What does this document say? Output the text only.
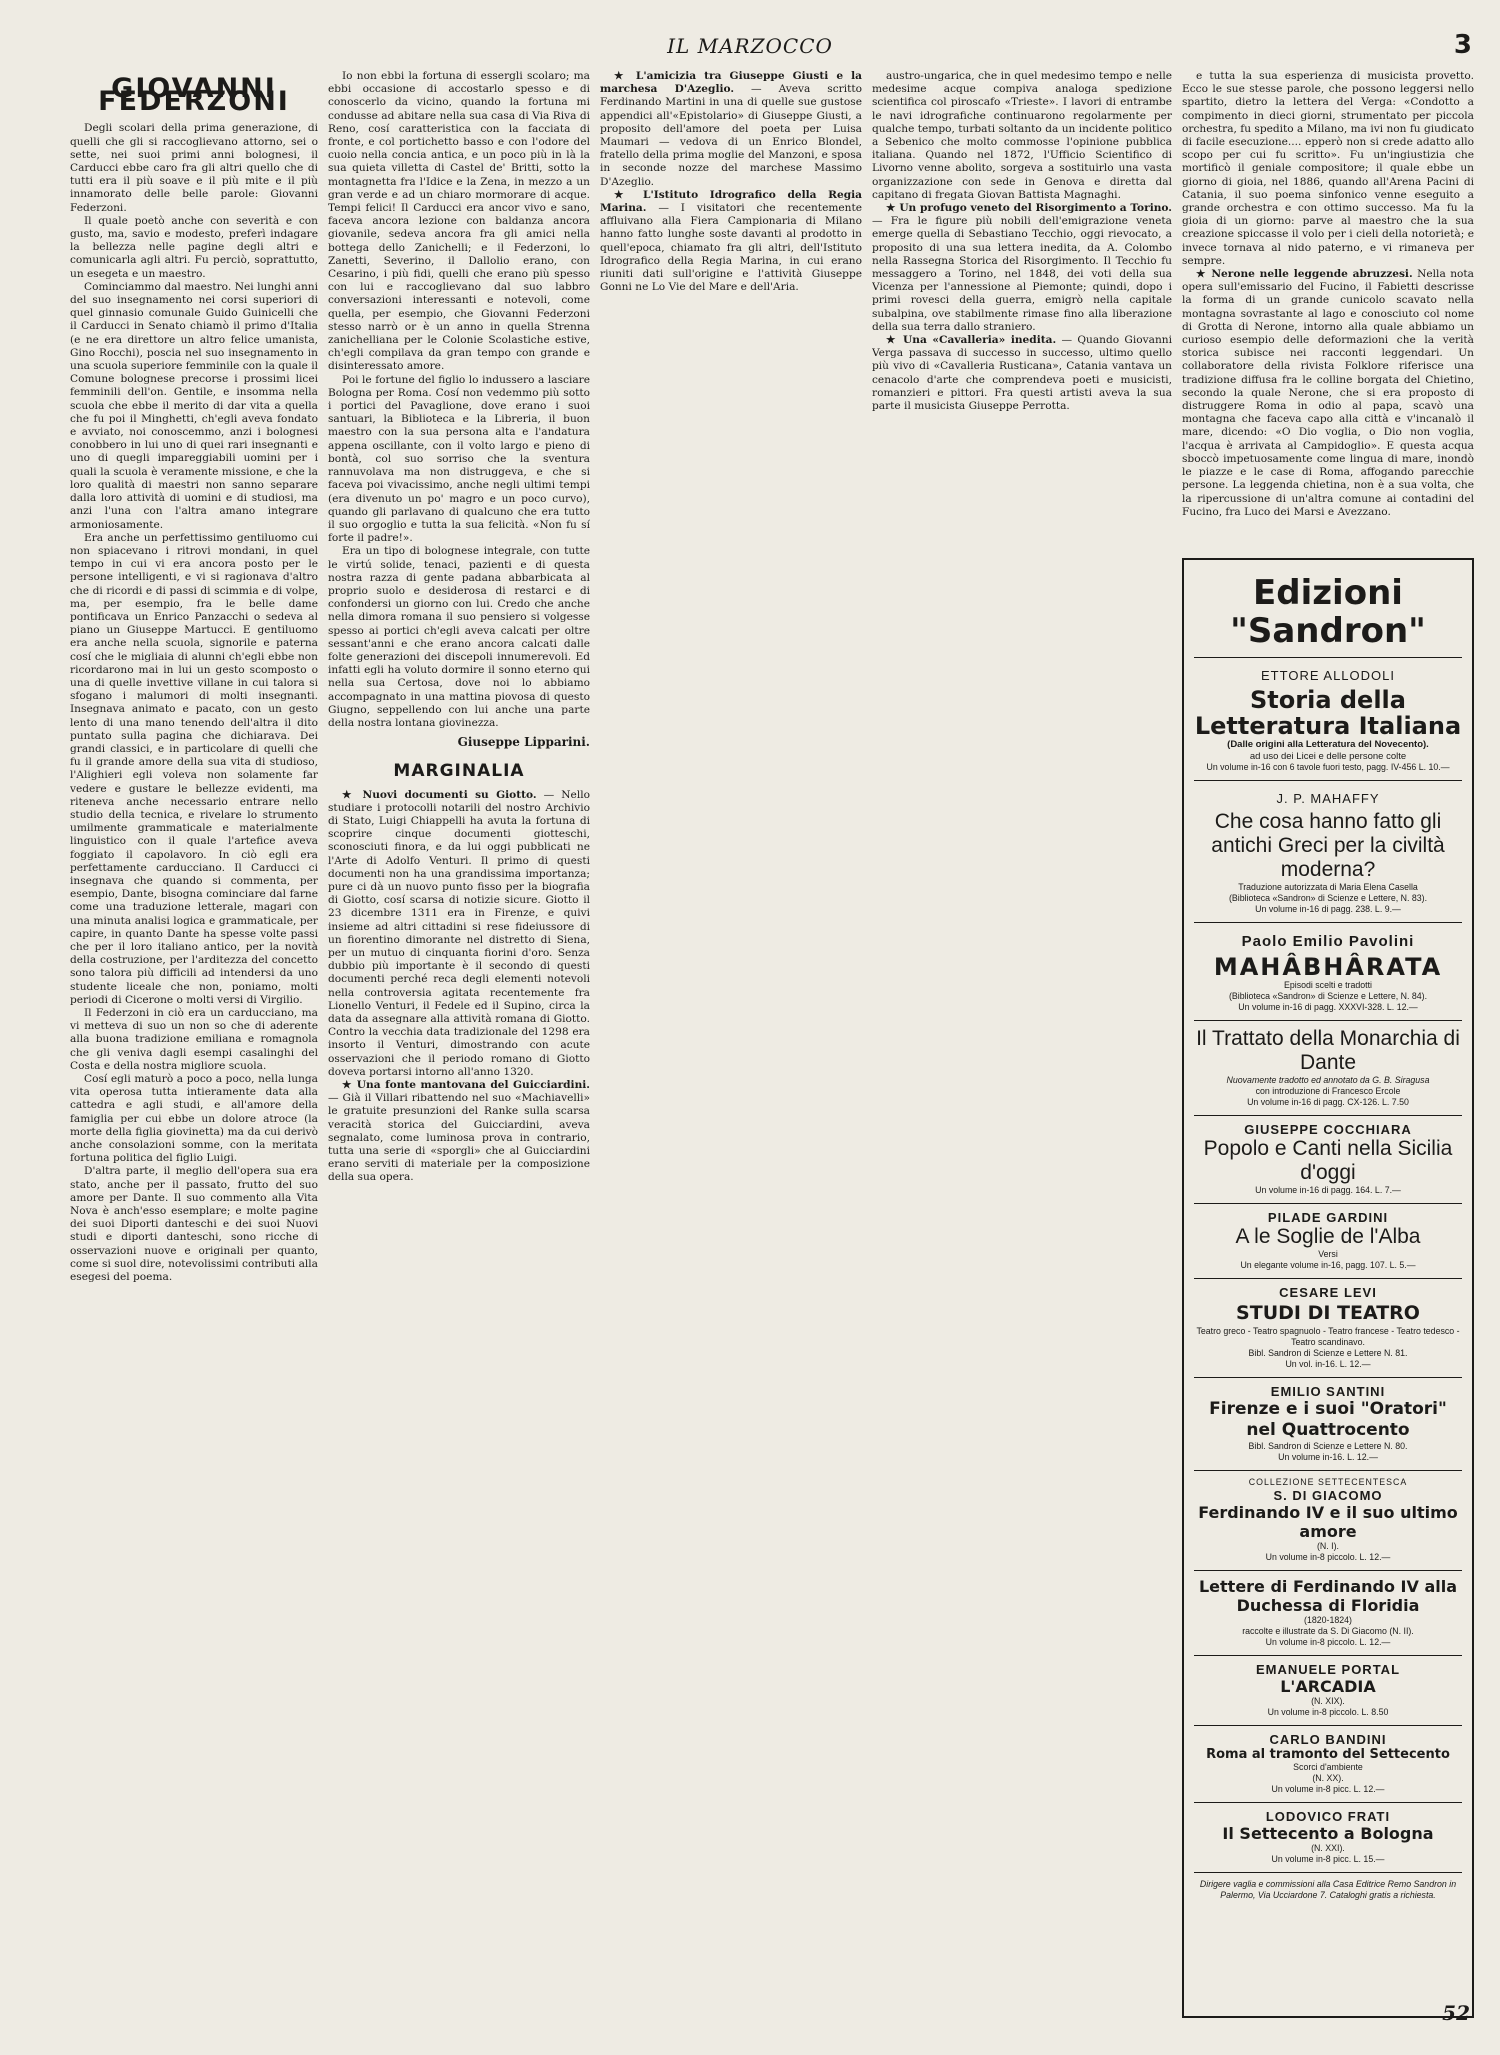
IL MARZOCCO	3
GIOVANNI FEDERZONI

Degli scolari della prima generazione, di quelli che gli si raccoglievano attorno, sei o sette, nei suoi primi anni bolognesi, il Carducci ebbe caro fra gli altri quello che di tutti era il più soave e il più mite e il più innamorato delle belle parole: Giovanni Federzoni.

Il quale poetò anche con severità e con gusto, ma, savio e modesto, preferì indagare la bellezza nelle pagine degli altri e comunicarla agli altri. Fu perciò, soprattutto, un esegeta e un maestro.

Cominciammo dal maestro. Nei lunghi anni del suo insegnamento nei corsi superiori di quel ginnasio comunale Guido Guinicelli che il Carducci in Senato chiamò il primo d'Italia (e ne era direttore un altro felice umanista, Gino Rocchi), poscia nel suo insegnamento in una scuola superiore femminile con la quale il Comune bolognese precorse i prossimi licei femminili dell'on. Gentile, e insomma nella scuola che ebbe il merito di dar vita a quella che fu poi il Minghetti, ch'egli aveva fondato e avviato, noi conoscemmo, anzi i bolognesi conobbero in lui uno di quei rari insegnanti e uno di quegli impareggiabili uomini per i quali la scuola è veramente missione, e che la loro qualità di maestri non sanno separare dalla loro attività di uomini e di studiosi, ma anzi l'una con l'altra amano integrare armoniosamente.

Era anche un perfettissimo gentiluomo cui non spiacevano i ritrovi mondani, in quel tempo in cui vi era ancora posto per le persone intelligenti, e vi si ragionava d'altro che di ricordi e di passi di scimmia e di volpe, ma, per esempio, fra le belle dame pontificava un Enrico Panzacchi o sedeva al piano un Giuseppe Martucci. E gentiluomo era anche nella scuola, signorile e paterna cosí che le migliaia di alunni ch'egli ebbe non ricordarono mai in lui un gesto scomposto o una di quelle invettive villane in cui talora si sfogano i malumori di molti insegnanti. Insegnava animato e pacato, con un gesto lento di una mano tenendo dell'altra il dito puntato sulla pagina che dichiarava. Dei grandi classici, e in particolare di quelli che fu il grande amore della sua vita di studioso, l'Alighieri egli voleva non solamente far vedere e gustare le bellezze evidenti, ma riteneva anche necessario entrare nello studio della tecnica, e rivelare lo strumento umilmente grammaticale e materialmente linguistico con il quale l'artefice aveva foggiato il capolavoro. In ciò egli era perfettamente carducciano. Il Carducci ci insegnava che quando si commenta, per esempio, Dante, bisogna cominciare dal farne come una traduzione letterale, magari con una minuta analisi logica e grammaticale, per capire, in quanto Dante ha spesse volte passi che per il loro italiano antico, per la novità della costruzione, per l'arditezza del concetto sono talora più difficili ad intendersi da uno studente liceale che non, poniamo, molti periodi di Cicerone o molti versi di Virgilio.

Il Federzoni in ciò era un carducciano, ma vi metteva di suo un non so che di aderente alla buona tradizione emiliana e romagnola che gli veniva dagli esempi casalinghi del Costa e della nostra migliore scuola.

Cosí egli maturò a poco a poco, nella lunga vita operosa tutta intieramente data alla cattedra e agli studi, e all'amore della famiglia per cui ebbe un dolore atroce (la morte della figlia giovinetta) ma da cui derivò anche consolazioni somme, con la meritata fortuna politica del figlio Luigi.

D'altra parte, il meglio dell'opera sua era stato, anche per il passato, frutto del suo amore per Dante. Il suo commento alla Vita Nova è anch'esso esemplare; e molte pagine dei suoi Diporti danteschi e dei suoi Nuovi studi e diporti danteschi, sono ricche di osservazioni nuove e originali per quanto, come si suol dire, notevolissimi contributi alla esegesi del poema.

Io non ebbi la fortuna di essergli scolaro; ma ebbi occasione di accostarlo spesso e di conoscerlo da vicino, quando la fortuna mi condusse ad abitare nella sua casa di Via Riva di Reno, cosí caratteristica con la facciata di fronte, e col portichetto basso e con l'odore del cuoio nella concia antica, e un poco più in là la sua quieta villetta di Castel de' Britti, sotto la montagnetta fra l'Idice e la Zena, in mezzo a un gran verde e ad un chiaro mormorare di acque. Tempi felici! Il Carducci era ancor vivo e sano, faceva ancora lezione con baldanza ancora giovanile, sedeva ancora fra gli amici nella bottega dello Zanichelli; e il Federzoni, lo Zanetti, Severino, il Dallolio erano, con Cesarino, i più fidi, quelli che erano più spesso con lui e raccoglievano dal suo labbro conversazioni interessanti e notevoli, come quella, per esempio, che Giovanni Federzoni stesso narrò or è un anno in quella Strenna zanichelliana per le Colonie Scolastiche estive, ch'egli compilava da gran tempo con grande e disinteressato amore.

Poi le fortune del figlio lo indussero a lasciare Bologna per Roma. Cosí non vedemmo più sotto i portici del Pavaglione, dove erano i suoi santuari, la Biblioteca e la Libreria, il buon maestro con la sua persona alta e l'andatura appena oscillante, con il volto largo e pieno di bontà, col suo sorriso che la sventura rannuvolava ma non distruggeva, e che si faceva poi vivacissimo, anche negli ultimi tempi (era divenuto un po' magro e un poco curvo), quando gli parlavano di qualcuno che era tutto il suo orgoglio e tutta la sua felicità. «Non fu sí forte il padre!».

Era un tipo di bolognese integrale, con tutte le virtú solide, tenaci, pazienti e di questa nostra razza di gente padana abbarbicata al proprio suolo e desiderosa di restarci e di confondersi un giorno con lui. Credo che anche nella dimora romana il suo pensiero si volgesse spesso ai portici ch'egli aveva calcati per oltre sessant'anni e che erano ancora calcati dalle folte generazioni dei discepoli innumerevoli. Ed infatti egli ha voluto dormire il sonno eterno qui nella sua Certosa, dove noi lo abbiamo accompagnato in una mattina piovosa di questo Giugno, seppellendo con lui anche una parte della nostra lontana giovinezza.

Giuseppe Lipparini.
MARGINALIA

★ Nuovi documenti su Giotto. — Nello studiare i protocolli notarili del nostro Archivio di Stato, Luigi Chiappelli ha avuta la fortuna di scoprire cinque documenti giotteschi, sconosciuti finora, e da lui oggi pubblicati ne l'Arte di Adolfo Venturi. Il primo di questi documenti non ha una grandissima importanza; pure ci dà un nuovo punto fisso per la biografia di Giotto, cosí scarsa di notizie sicure. Giotto il 23 dicembre 1311 era in Firenze, e quivi insieme ad altri cittadini si rese fideiussore di un fiorentino dimorante nel distretto di Siena, per un mutuo di cinquanta fiorini d'oro. Senza dubbio più importante è il secondo di questi documenti perché reca degli elementi notevoli nella controversia agitata recentemente fra Lionello Venturi, il Fedele ed il Supino, circa la data da assegnare alla attività romana di Giotto. Contro la vecchia data tradizionale del 1298 era insorto il Venturi, dimostrando con acute osservazioni che il periodo romano di Giotto doveva portarsi intorno all'anno 1320.

★ Una fonte mantovana del Guicciardini. — Già il Villari ribattendo nel suo «Machiavelli» le gratuite presunzioni del Ranke sulla scarsa veracità storica del Guicciardini, aveva segnalato, come luminosa prova in contrario, tutta una serie di «sporgli» che al Guicciardini erano serviti di materiale per la composizione della sua opera.

★ L'amicizia tra Giuseppe Giusti e la marchesa D'Azeglio. — Aveva scritto Ferdinando Martini in una di quelle sue gustose appendici all'«Epistolario» di Giuseppe Giusti, a proposito dell'amore del poeta per Luisa Maumari — vedova di un Enrico Blondel, fratello della prima moglie del Manzoni, e sposa in seconde nozze del marchese Massimo D'Azeglio.

★ L'Istituto Idrografico della Regia Marina. — I visitatori che recentemente affluivano alla Fiera Campionaria di Milano hanno fatto lunghe soste davanti al prodotto in quell'epoca, chiamato fra gli altri, dell'Istituto Idrografico della Regia Marina, in cui erano riuniti dati sull'origine e l'attività Giuseppe Gonni ne Lo Vie del Mare e dell'Aria.

austro-ungarica, che in quel medesimo tempo e nelle medesime acque compiva analoga spedizione scientifica col piroscafo «Trieste». I lavori di entrambe le navi idrografiche continuarono regolarmente per qualche tempo, turbati soltanto da un incidente politico a Sebenico che molto commosse l'opinione pubblica italiana. Quando nel 1872, l'Ufficio Scientifico di Livorno venne abolito, sorgeva a sostituirlo una vasta organizzazione con sede in Genova e diretta dal capitano di fregata Giovan Battista Magnaghi.

★ Un profugo veneto del Risorgimento a Torino. — Fra le figure più nobili dell'emigrazione veneta emerge quella di Sebastiano Tecchio, oggi rievocato, a proposito di una sua lettera inedita, da A. Colombo nella Rassegna Storica del Risorgimento. Il Tecchio fu messaggero a Torino, nel 1848, dei voti della sua Vicenza per l'annessione al Piemonte; quindi, dopo i primi rovesci della guerra, emigrò nella capitale subalpina, ove stabilmente rimase fino alla liberazione della sua terra dallo straniero.

★ Una «Cavalleria» inedita. — Quando Giovanni Verga passava di successo in successo, ultimo quello più vivo di «Cavalleria Rusticana», Catania vantava un cenacolo d'arte che comprendeva poeti e musicisti, romanzieri e pittori. Fra questi artisti aveva la sua parte il musicista Giuseppe Perrotta.

e tutta la sua esperienza di musicista provetto. Ecco le sue stesse parole, che possono leggersi nello spartito, dietro la lettera del Verga: «Condotto a compimento in dieci giorni, strumentato per piccola orchestra, fu spedito a Milano, ma ivi non fu giudicato di facile esecuzione.... epperò non si crede adatto allo scopo per cui fu scritto». Fu un'ingiustizia che mortificò il geniale compositore; il quale ebbe un giorno di gioia, nel 1886, quando all'Arena Pacini di Catania, il suo poema sinfonico venne eseguito a grande orchestra e con ottimo successo. Ma fu la gioia di un giorno: parve al maestro che la sua creazione spiccasse il volo per i cieli della notorietà; e invece tornava al nido paterno, e vi rimaneva per sempre.

★ Nerone nelle leggende abruzzesi. Nella nota opera sull'emissario del Fucino, il Fabietti descrisse la forma di un grande cunicolo scavato nella montagna sovrastante al lago e conosciuto col nome di Grotta di Nerone, intorno alla quale abbiamo un curioso esempio delle deformazioni che la verità storica subisce nei racconti leggendari. Un collaboratore della rivista Folklore riferisce una tradizione diffusa fra le colline borgata del Chietino, secondo la quale Nerone, che si era proposto di distruggere Roma in odio al papa, scavò una montagna che faceva capo alla città e v'incanalò il mare, dicendo: «O Dio voglia, o Dio non voglia, l'acqua è arrivata al Campidoglio». E questa acqua sboccò impetuosamente come lingua di mare, inondò le piazze e le case di Roma, affogando parecchie persone. La leggenda chietina, non è a sua volta, che la ripercussione di un'altra comune ai contadini del Fucino, fra Luco dei Marsi e Avezzano.

Edizioni "Sandron"
ETTORE ALLODOLI
Storia della Letteratura Italiana
(Dalle origini alla Letteratura del Novecento).
ad uso dei Licei e delle persone colte
Un volume in-16 con 6 tavole fuori testo, pagg. IV-456 L. 10.—
J. P. MAHAFFY
Che cosa hanno fatto gli antichi Greci per la civiltà moderna?
Traduzione autorizzata di Maria Elena Casella
(Biblioteca «Sandron» di Scienze e Lettere, N. 83).
Un volume in-16 di pagg. 238. L. 9.—
Paolo Emilio Pavolini
MAHÂBHÂRATA
Episodi scelti e tradotti
(Biblioteca «Sandron» di Scienze e Lettere, N. 84).
Un volume in-16 di pagg. XXXVI-328. L. 12.—
Il Trattato della Monarchia di Dante
Nuovamente tradotto ed annotato da G. B. Siragusa
con introduzione di Francesco Ercole
Un volume in-16 di pagg. CX-126. L. 7.50
GIUSEPPE COCCHIARA
Popolo e Canti nella Sicilia d'oggi
Un volume in-16 di pagg. 164. L. 7.—
PILADE GARDINI
A le Soglie de l'Alba
Versi
Un elegante volume in-16, pagg. 107. L. 5.—
CESARE LEVI
STUDI DI TEATRO
Teatro greco - Teatro spagnuolo - Teatro francese - Teatro tedesco - Teatro scandinavo.
Bibl. Sandron di Scienze e Lettere N. 81.
Un vol. in-16. L. 12.—
EMILIO SANTINI
Firenze e i suoi "Oratori" nel Quattrocento
Bibl. Sandron di Scienze e Lettere N. 80.
Un volume in-16. L. 12.—
COLLEZIONE SETTECENTESCA
S. DI GIACOMO
Ferdinando IV e il suo ultimo amore
(N. I).
Un volume in-8 piccolo. L. 12.—
Lettere di Ferdinando IV alla Duchessa di Floridia
(1820-1824)
raccolte e illustrate da S. Di Giacomo (N. II).
Un volume in-8 piccolo. L. 12.—
EMANUELE PORTAL
L'ARCADIA
(N. XIX).
Un volume in-8 piccolo. L. 8.50
CARLO BANDINI
Roma al tramonto del Settecento
Scorci d'ambiente
(N. XX).
Un volume in-8 picc. L. 12.—
LODOVICO FRATI
Il Settecento a Bologna
(N. XXI).
Un volume in-8 picc. L. 15.—
Dirigere vaglia e commissioni alla Casa Editrice Remo Sandron in Palermo, Via Ucciardone 7. Cataloghi gratis a richiesta.
52
